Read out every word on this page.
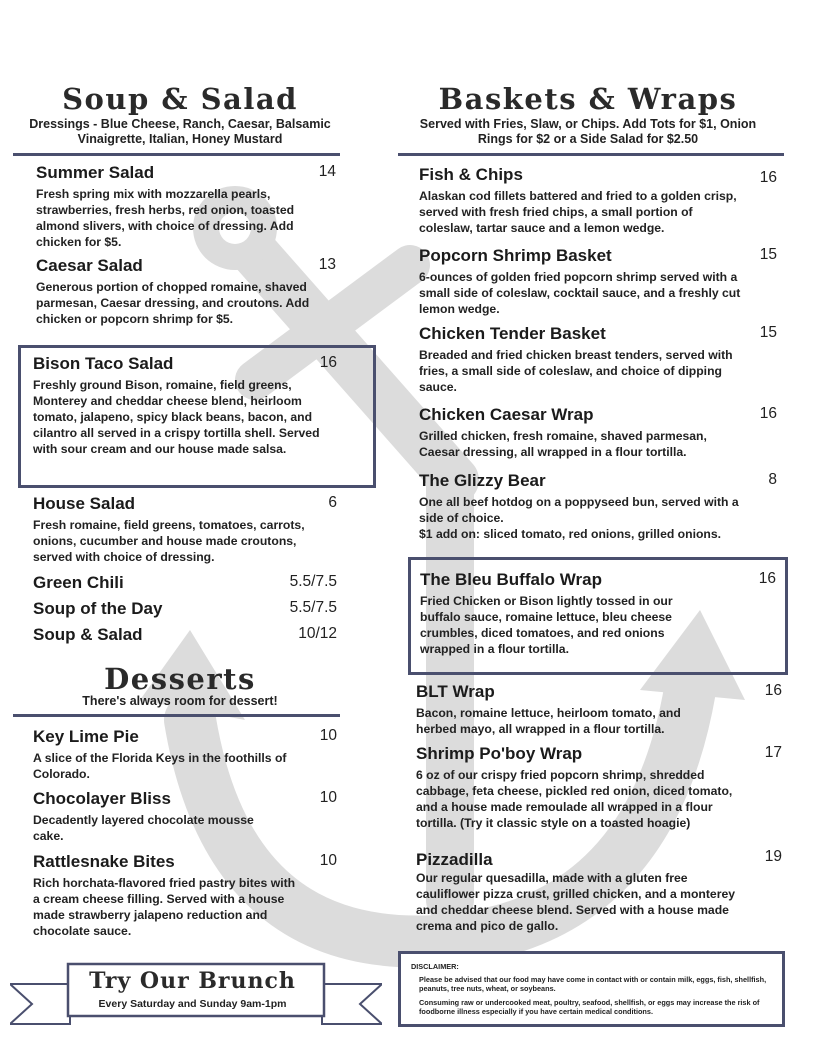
Soup & Salad
Dressings - Blue Cheese, Ranch, Caesar, Balsamic Vinaigrette, Italian, Honey Mustard
Summer Salad	14
Fresh spring mix with mozzarella pearls, strawberries, fresh herbs, red onion, toasted almond slivers, with choice of dressing. Add chicken for $5.
Caesar Salad	13
Generous portion of chopped romaine, shaved parmesan, Caesar dressing, and croutons. Add chicken or popcorn shrimp for $5.
Bison Taco Salad	16
Freshly ground Bison, romaine, field greens, Monterey and cheddar cheese blend, heirloom tomato, jalapeno, spicy black beans, bacon, and cilantro all served in a crispy tortilla shell. Served with sour cream and our house made salsa.
House Salad	6
Fresh romaine, field greens, tomatoes, carrots, onions, cucumber and house made croutons, served with choice of dressing.
Green Chili	5.5/7.5
Soup of the Day	5.5/7.5
Soup & Salad	10/12
Desserts
There's always room for dessert!
Key Lime Pie	10
A slice of the Florida Keys in the foothills of Colorado.
Chocolayer Bliss	10
Decadently layered chocolate mousse cake.
Rattlesnake Bites	10
Rich horchata-flavored fried pastry bites with a cream cheese filling. Served with a house made strawberry jalapeno reduction and chocolate sauce.
Try Our Brunch
Every Saturday and Sunday 9am-1pm
Baskets & Wraps
Served with Fries, Slaw, or Chips. Add Tots for $1, Onion Rings for $2 or a Side Salad for $2.50
Fish & Chips	16
Alaskan cod fillets battered and fried to a golden crisp, served with fresh fried chips, a small portion of coleslaw, tartar sauce and a lemon wedge.
Popcorn Shrimp Basket	15
6-ounces of golden fried popcorn shrimp served with a small side of coleslaw, cocktail sauce, and a freshly cut lemon wedge.
Chicken Tender Basket	15
Breaded and fried chicken breast tenders, served with fries, a small side of coleslaw, and choice of dipping sauce.
Chicken Caesar Wrap	16
Grilled chicken, fresh romaine, shaved parmesan, Caesar dressing, all wrapped in a flour tortilla.
The Glizzy Bear	8
One all beef hotdog on a poppyseed bun, served with a side of choice.
$1 add on: sliced tomato, red onions, grilled onions.
The Bleu Buffalo Wrap	16
Fried Chicken or Bison lightly tossed in our buffalo sauce, romaine lettuce, bleu cheese crumbles, diced tomatoes, and red onions wrapped in a flour tortilla.
BLT Wrap	16
Bacon, romaine lettuce, heirloom tomato, and herbed mayo, all wrapped in a flour tortilla.
Shrimp Po'boy Wrap	17
6 oz of our crispy fried popcorn shrimp, shredded cabbage, feta cheese, pickled red onion, diced tomato, and a house made remoulade all wrapped in a flour tortilla. (Try it classic style on a toasted hoagie)
Pizzadilla	19
Our regular quesadilla, made with a gluten free cauliflower pizza crust, grilled chicken, and a monterey and cheddar cheese blend. Served with a house made crema and pico de gallo.
DISCLAIMER:
Please be advised that our food may have come in contact with or contain milk, eggs, fish, shellfish, peanuts, tree nuts, wheat, or soybeans.
Consuming raw or undercooked meat, poultry, seafood, shellfish, or eggs may increase the risk of foodborne illness especially if you have certain medical conditions.
